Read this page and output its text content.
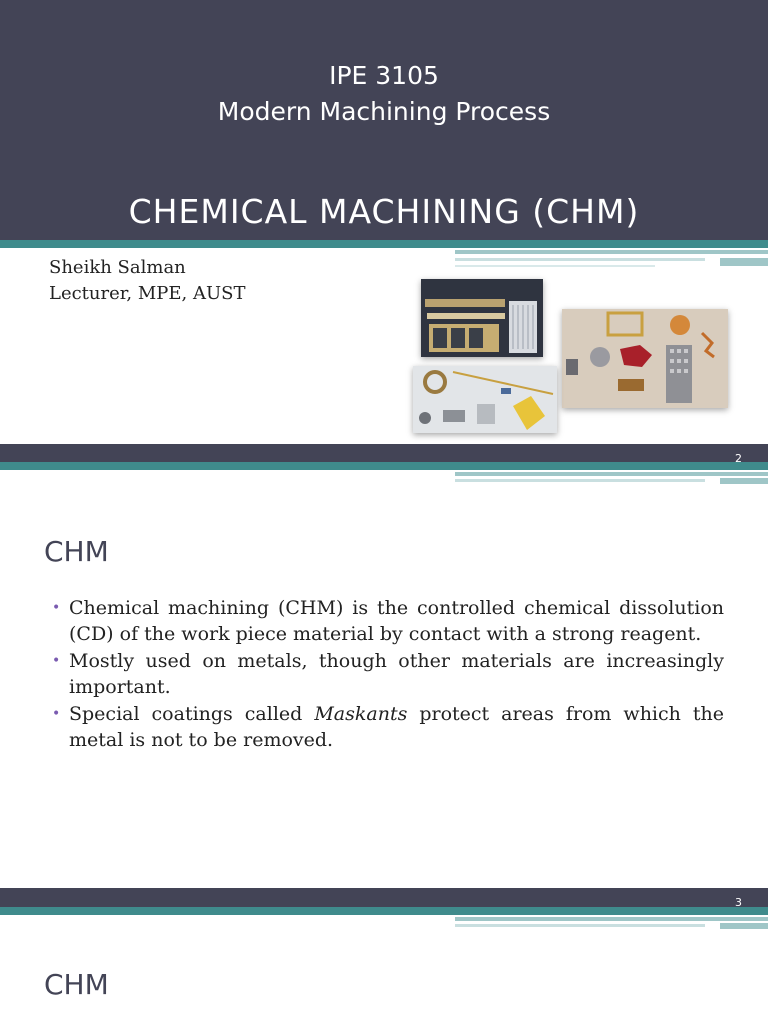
IPE 3105
Modern Machining Process
CHEMICAL MACHINING (CHM)
Sheikh Salman
Lecturer, MPE, AUST
2
CHM
• Chemical machining (CHM) is the controlled chemical dissolution (CD) of the work piece material by contact with a strong reagent.
• Mostly used on metals, though other materials are increasingly important.
• Special coatings called Maskants protect areas from which the metal is not to be removed.
3
CHM
